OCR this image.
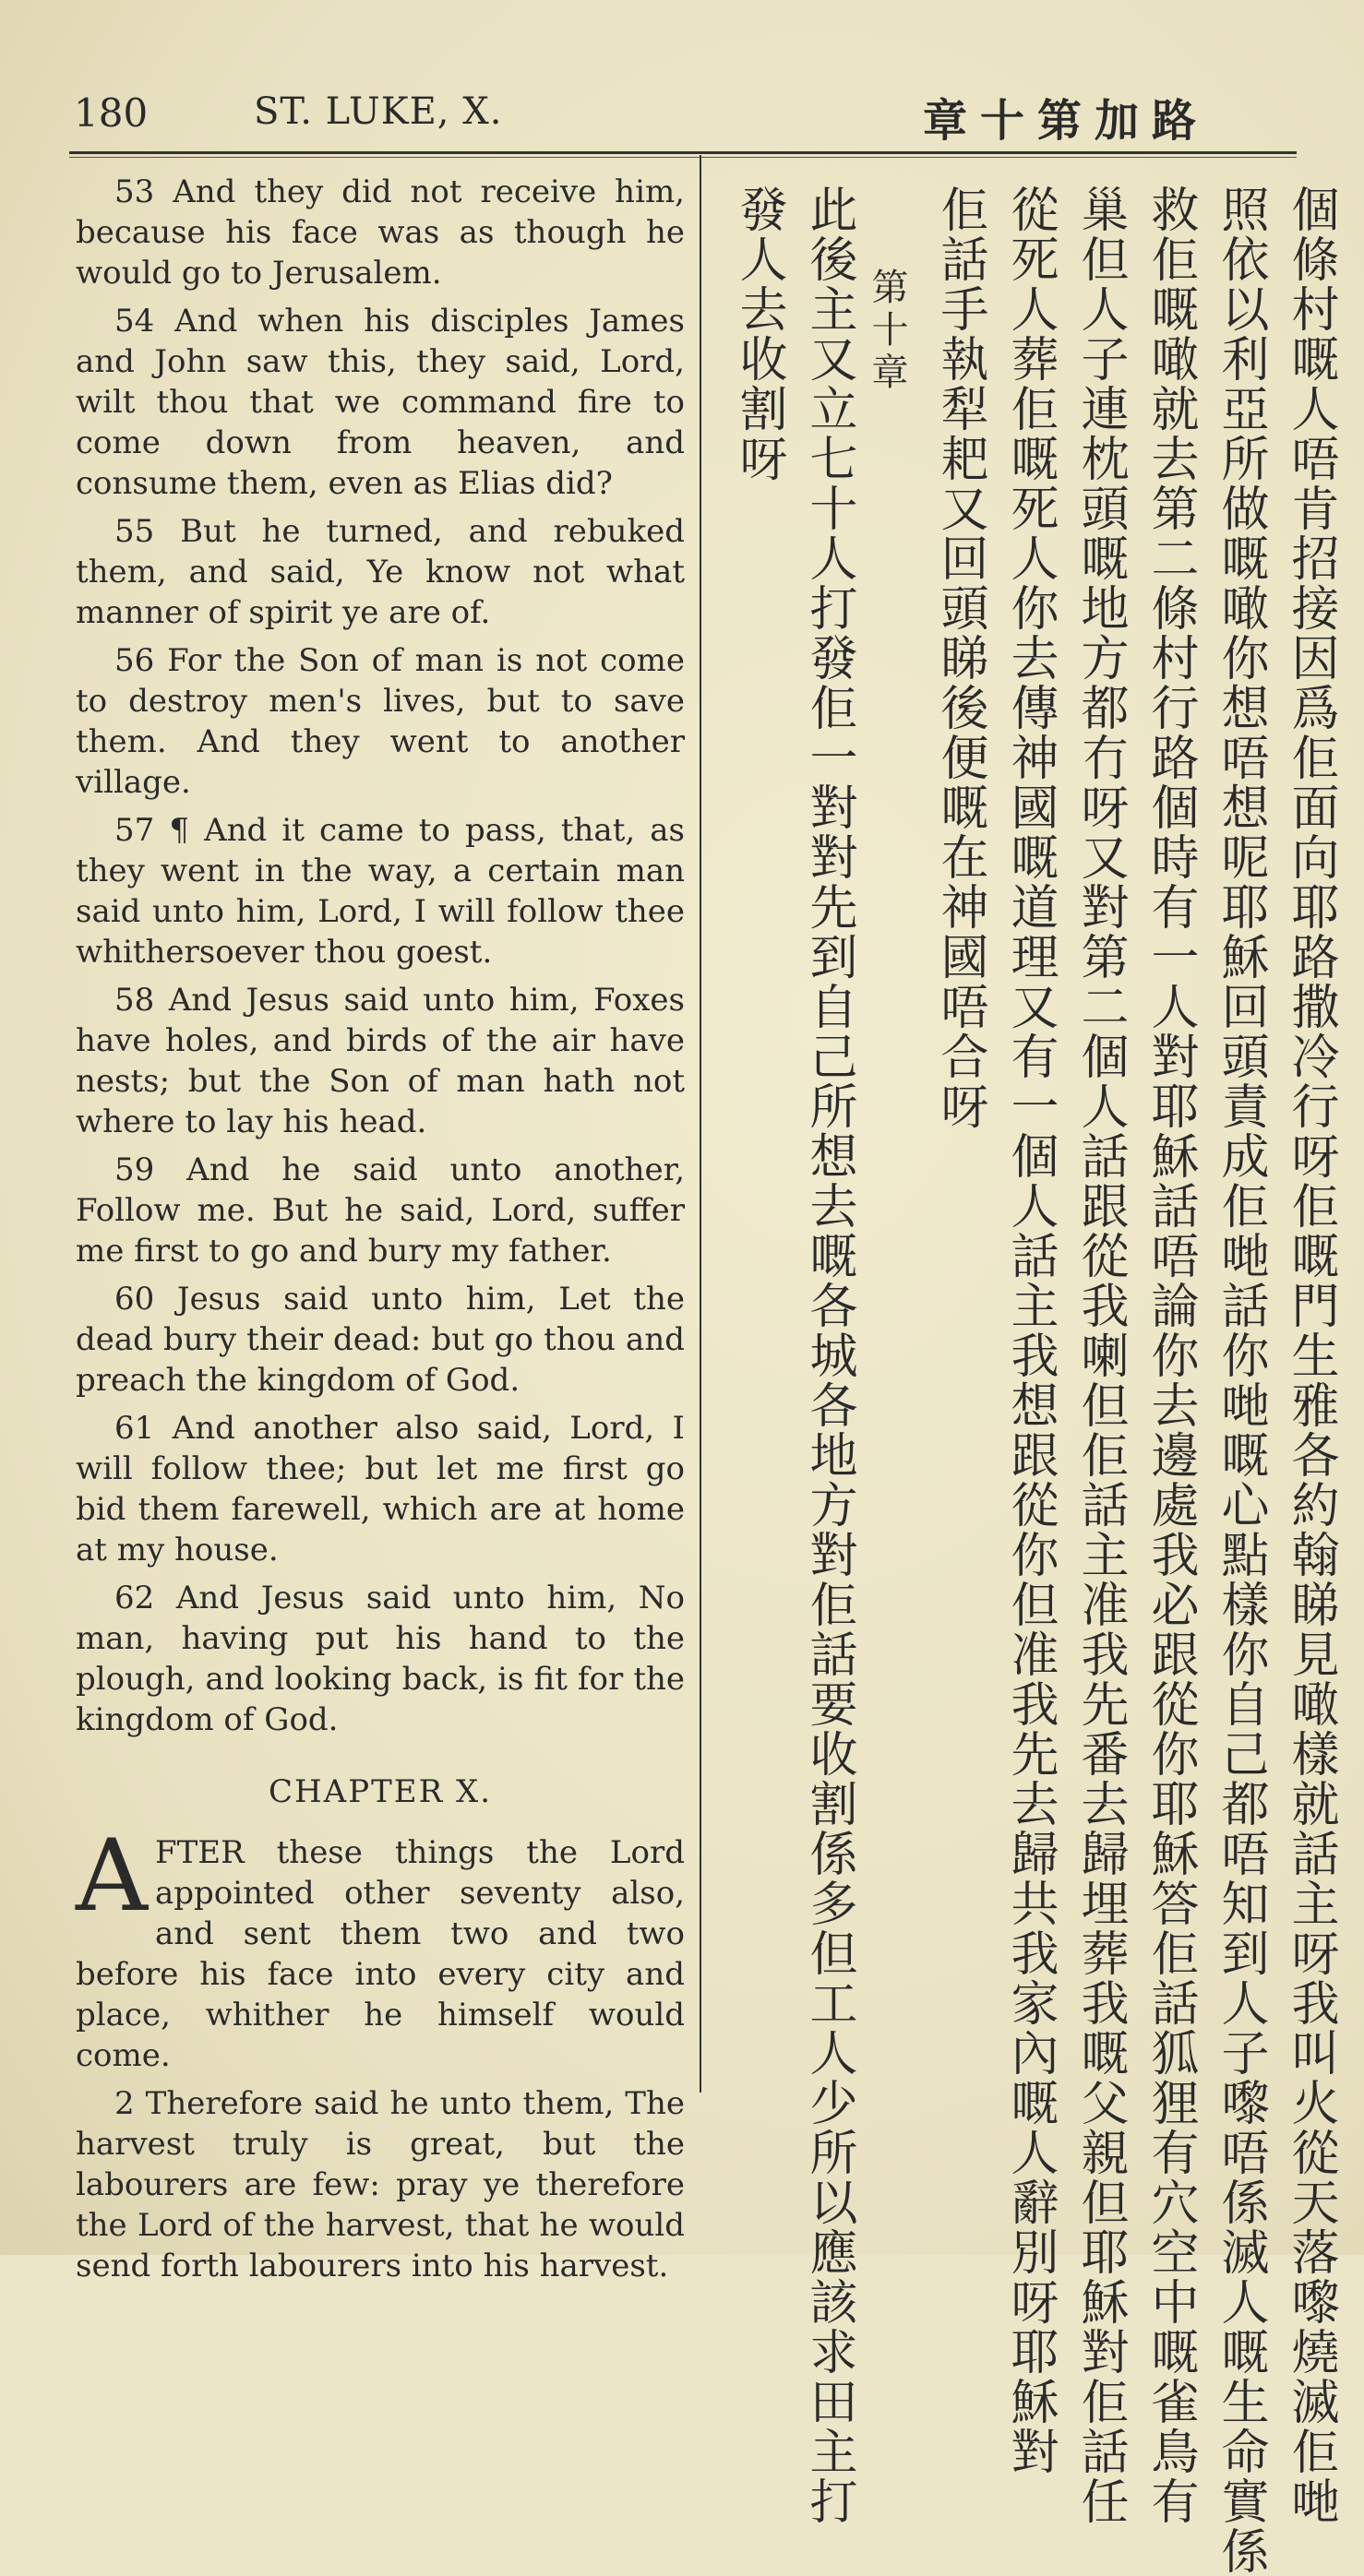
180	ST. LUKE, X.	章十第加路

53 And they did not receive him, because his face was as though he would go to Jerusalem.

54 And when his disciples James and John saw this, they said, Lord, wilt thou that we command fire to come down from heaven, and consume them, even as Elias did?

55 But he turned, and rebuked them, and said, Ye know not what manner of spirit ye are of.

56 For the Son of man is not come to destroy men's lives, but to save them. And they went to another village.

57 ¶ And it came to pass, that, as they went in the way, a certain man said unto him, Lord, I will follow thee whithersoever thou goest.

58 And Jesus said unto him, Foxes have holes, and birds of the air have nests; but the Son of man hath not where to lay his head.

59 And he said unto another, Follow me. But he said, Lord, suffer me first to go and bury my father.

60 Jesus said unto him, Let the dead bury their dead: but go thou and preach the kingdom of God.

61 And another also said, Lord, I will follow thee; but let me first go bid them farewell, which are at home at my house.

62 And Jesus said unto him, No man, having put his hand to the plough, and looking back, is fit for the kingdom of God.

CHAPTER X.

AFTER these things the Lord appointed other seventy also, and sent them two and two before his face into every city and place, whither he himself would come.

2 Therefore said he unto them, The harvest truly is great, but the labourers are few: pray ye therefore the Lord of the harvest, that he would send forth labourers into his harvest.	個條村嘅人唔肯招接因爲佢面向耶路撒冷行呀佢嘅門生雅各約翰睇見噉樣就話主呀我叫火從天落嚟燒滅佢哋
照依以利亞所做嘅噉你想唔想呢耶穌回頭責成佢哋話你哋嘅心點樣你自己都唔知到人子嚟唔係滅人嘅生命實係
救佢嘅噉就去第二條村行路個時有一人對耶穌話唔論你去邊處我必跟從你耶穌答佢話狐狸有穴空中嘅雀鳥有
巢但人子連枕頭嘅地方都冇呀又對第二個人話跟從我喇但佢話主准我先番去歸埋葬我嘅父親但耶穌對佢話任
從死人葬佢嘅死人你去傳神國嘅道理又有一個人話主我想跟從你但准我先去歸共我家內嘅人辭別呀耶穌對
佢話手執犁耙又回頭睇後便嘅在神國唔合呀
第十章
此後主又立七十人打發佢一對對先到自己所想去嘅各城各地方對佢話要收割係多但工人少所以應該求田主打
發人去收割呀
